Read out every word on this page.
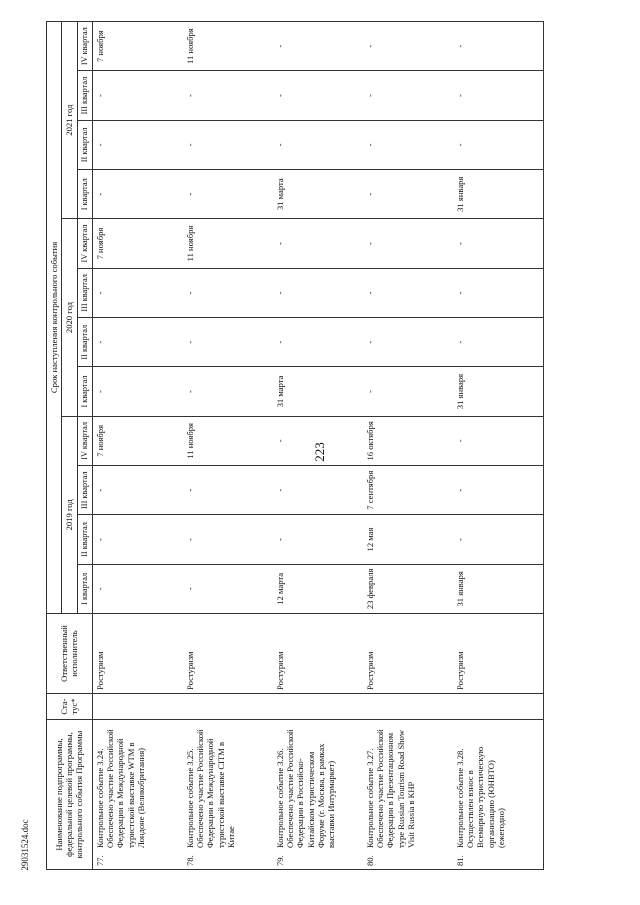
223
Наименование подпрограммы, федеральной целевой программы, контрольного события Программы	Ста- тус*	Ответственный исполнитель	Срок наступления контрольного события											
			2019 год				2020 год				2021 год			
			I квартал	II квартал	III квартал	IV квартал	I квартал	II квартал	III квартал	IV квартал	I квартал	II квартал	III квартал	IV квартал
77.Контрольное событие 3.24. Обеспечено участие Российской Федерации в Международной туристской выставке WTM в Лондоне (Великобритания)		Ростуризм	-	-	-	7 ноября	-	-	-	7 ноября	-	-	-	7 ноября
78.Контрольное событие 3.25. Обеспечено участие Российской Федерации в Международной туристской выставке CITM в Китае		Ростуризм	-	-	-	11 ноября	-	-	-	11 ноября	-	-	-	11 ноября
79.Контрольное событие 3.26. Обеспечено участие Российской Федерации в Российско-Китайском туристическом Форуме (г. Москва, в рамках выставки Интурмаркет)		Ростуризм	12 марта	-	-	-	31 марта	-	-	-	31 марта	-	-	-
80.Контрольное событие 3.27. Обеспечено участие Российской Федерации в Презентационном туре Russian Tourism Road Show Visit Russia в КНР		Ростуризм	23 февраля	12 мая	7 сентября	16 октября	-	-	-	-	-	-	-	-
81.Контрольное событие 3.28. Осуществлен взнос в Всемирную туристическую организацию (ЮНВТО) (ежегодно)		Ростуризм	31 января	-	-	-	31 января	-	-	-	31 января	-	-	-
29031524.doc
